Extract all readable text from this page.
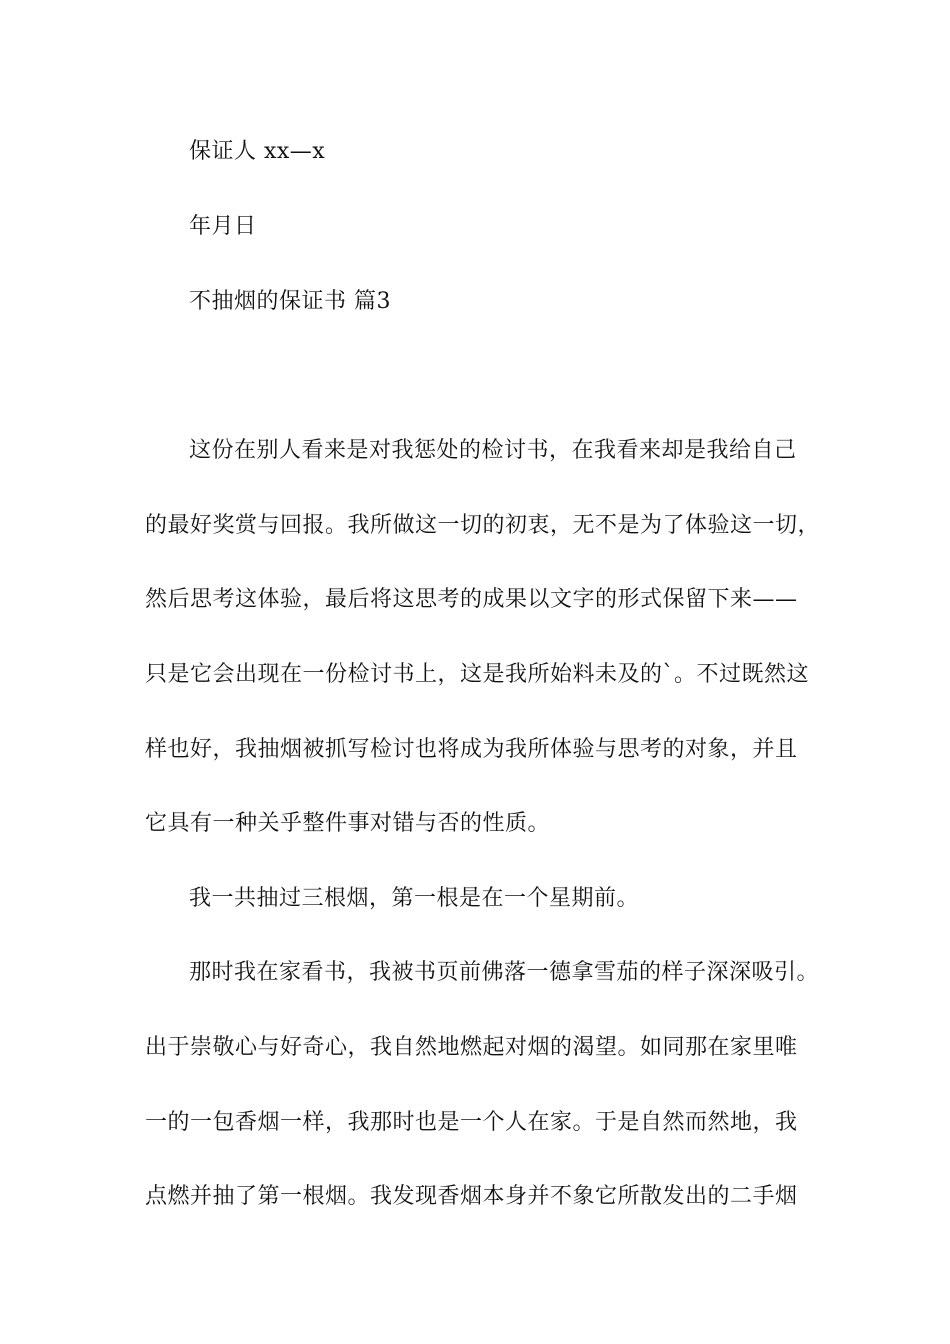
保证人 xx—x
年月日
不抽烟的保证书 篇3
这份在别人看来是对我惩处的检讨书，在我看来却是我给自己
的最好奖赏与回报。我所做这一切的初衷，无不是为了体验这一切，
然后思考这体验，最后将这思考的成果以文字的形式保留下来——
只是它会出现在一份检讨书上，这是我所始料未及的`。不过既然这
样也好，我抽烟被抓写检讨也将成为我所体验与思考的对象，并且
它具有一种关乎整件事对错与否的性质。
我一共抽过三根烟，第一根是在一个星期前。
那时我在家看书，我被书页前佛落一德拿雪茄的样子深深吸引。
出于崇敬心与好奇心，我自然地燃起对烟的渴望。如同那在家里唯
一的一包香烟一样，我那时也是一个人在家。于是自然而然地，我
点燃并抽了第一根烟。我发现香烟本身并不象它所散发出的二手烟
